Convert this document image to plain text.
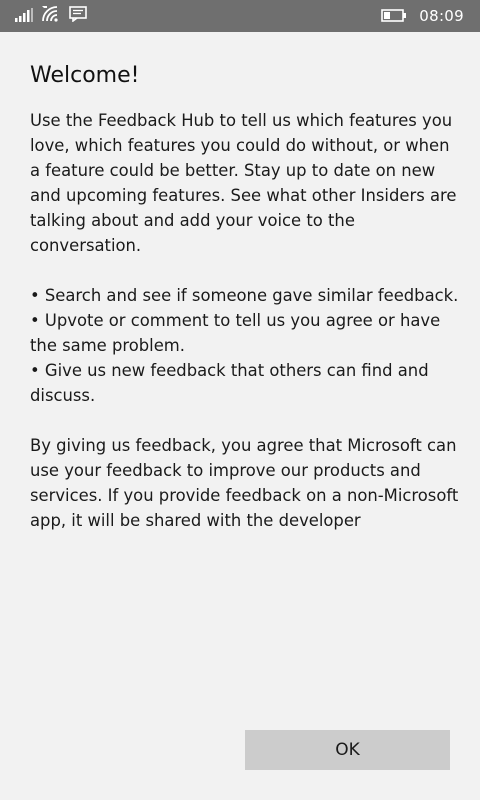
08:09
Welcome!

Use the Feedback Hub to tell us which features you love, which features you could do without, or when a feature could be better. Stay up to date on new and upcoming features. See what other Insiders are talking about and add your voice to the conversation.

• Search and see if someone gave similar feedback.
• Upvote or comment to tell us you agree or have the same problem.
• Give us new feedback that others can find and discuss.

By giving us feedback, you agree that Microsoft can use your feedback to improve our products and services. If you provide feedback on a non-Microsoft app, it will be shared with the developer

OK
